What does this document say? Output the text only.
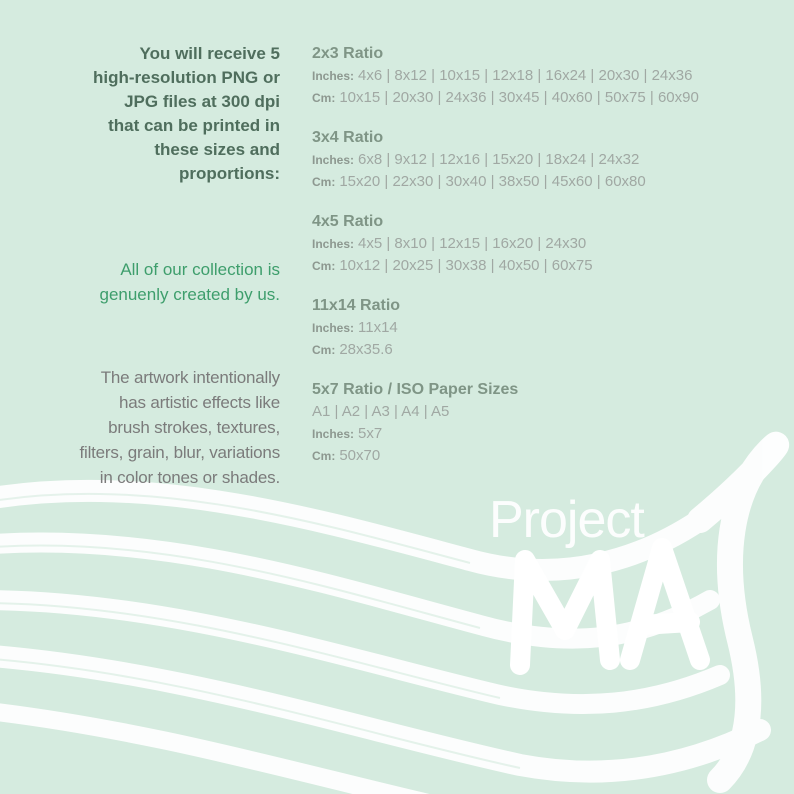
You will receive 5
high-resolution PNG or
JPG files at 300 dpi
that can be printed in
these sizes and
proportions:
All of our collection is
genuenly created by us.
The artwork intentionally
has artistic effects like
brush strokes, textures,
filters, grain, blur, variations
in color tones or shades.
2x3 Ratio
Inches: 4x6 | 8x12 | 10x15 | 12x18 | 16x24 | 20x30 | 24x36
Cm: 10x15 | 20x30 | 24x36 | 30x45 | 40x60 | 50x75 | 60x90
3x4 Ratio
Inches: 6x8 | 9x12 | 12x16 | 15x20 | 18x24 | 24x32
Cm: 15x20 | 22x30 | 30x40 | 38x50 | 45x60 | 60x80
4x5 Ratio
Inches: 4x5 | 8x10 | 12x15 | 16x20 | 24x30
Cm: 10x12 | 20x25 | 30x38 | 40x50 | 60x75
11x14 Ratio
Inches: 11x14
Cm: 28x35.6
5x7 Ratio / ISO Paper Sizes
A1 | A2 | A3 | A4 | A5
Inches: 5x7
Cm: 50x70
Project
